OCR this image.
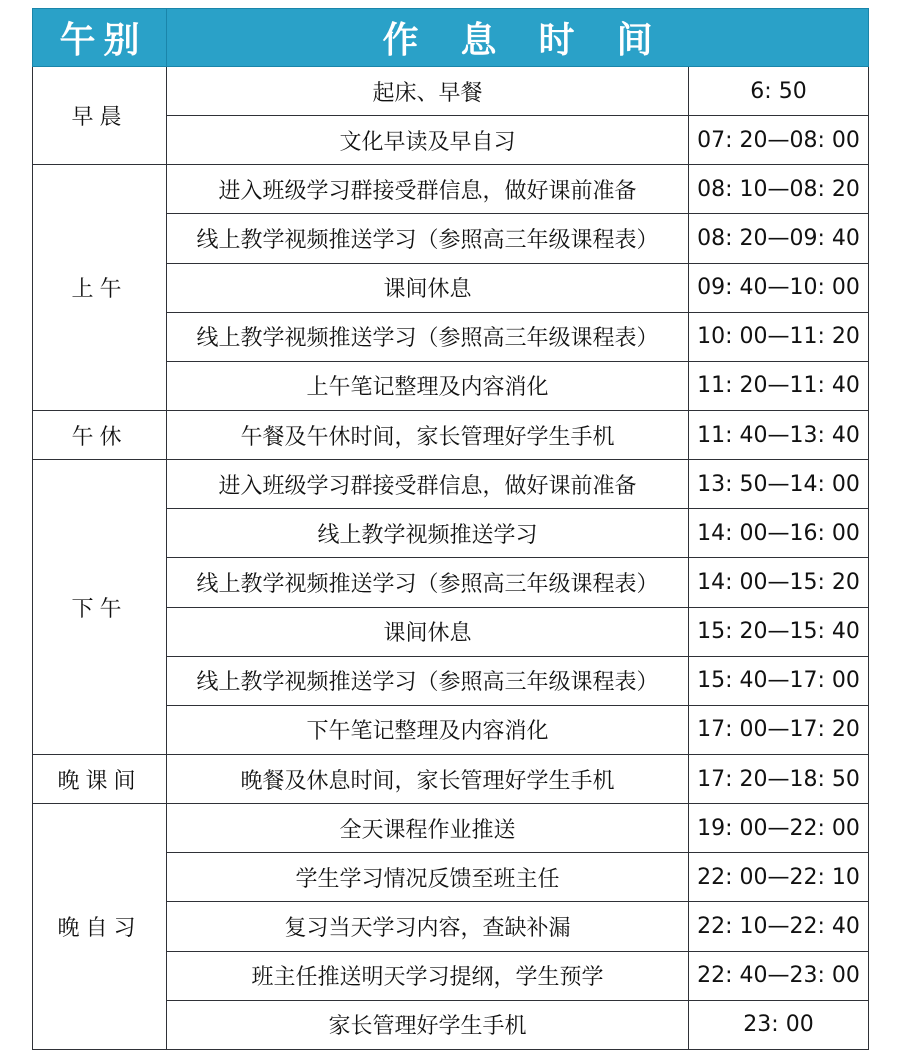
午别	作息时间	
早晨	起床、早餐	6: 50
	文化早读及早自习	07: 20—08: 00
上午	进入班级学习群接受群信息，做好课前准备	08: 10—08: 20
	线上教学视频推送学习（参照高三年级课程表）	08: 20—09: 40
	课间休息	09: 40—10: 00
	线上教学视频推送学习（参照高三年级课程表）	10: 00—11: 20
	上午笔记整理及内容消化	11: 20—11: 40
午休	午餐及午休时间，家长管理好学生手机	11: 40—13: 40
下午	进入班级学习群接受群信息，做好课前准备	13: 50—14: 00
	线上教学视频推送学习	14: 00—16: 00
	线上教学视频推送学习（参照高三年级课程表）	14: 00—15: 20
	课间休息	15: 20—15: 40
	线上教学视频推送学习（参照高三年级课程表）	15: 40—17: 00
	下午笔记整理及内容消化	17: 00—17: 20
晚课间	晚餐及休息时间，家长管理好学生手机	17: 20—18: 50
晚自习	全天课程作业推送	19: 00—22: 00
	学生学习情况反馈至班主任	22: 00—22: 10
	复习当天学习内容，查缺补漏	22: 10—22: 40
	班主任推送明天学习提纲，学生预学	22: 40—23: 00
	家长管理好学生手机	23: 00
